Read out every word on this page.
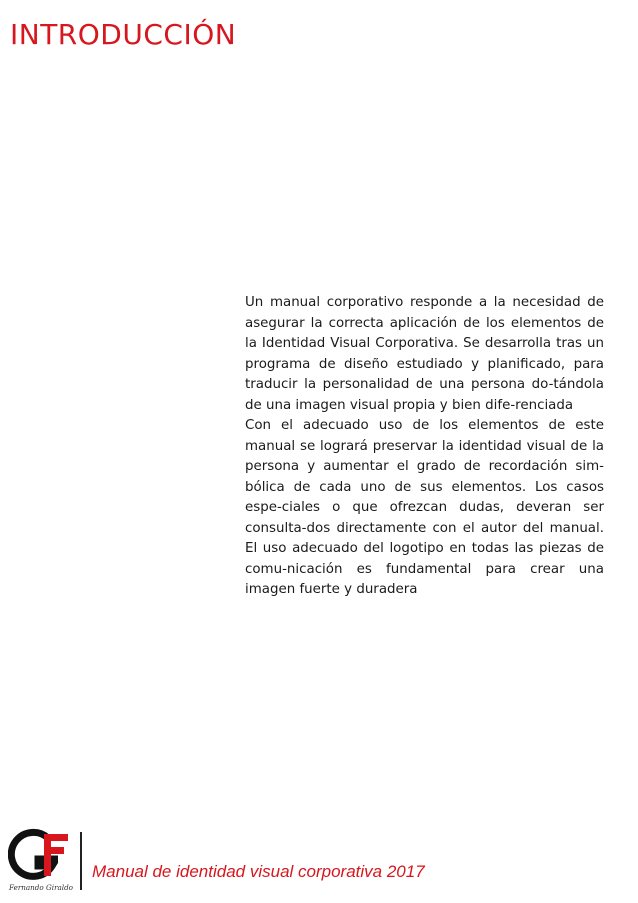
INTRODUCCIÓN

Un manual corporativo responde a la necesidad de asegurar la correcta aplicación de los elementos de la Identidad Visual Corporativa. Se desarrolla tras un programa de diseño estudiado y planificado, para traducir la personalidad de una persona do-tándola de una imagen visual propia y bien dife-renciada

Con el adecuado uso de los elementos de este manual se logrará preservar la identidad visual de la persona y aumentar el grado de recordación sim-bólica de cada uno de sus elementos. Los casos espe-ciales o que ofrezcan dudas, deveran ser consulta-dos directamente con el autor del manual. El uso adecuado del logotipo en todas las piezas de comu-nicación es fundamental para crear una imagen fuerte y duradera

Fernando Giraldo
Manual de identidad visual corporativa 2017
